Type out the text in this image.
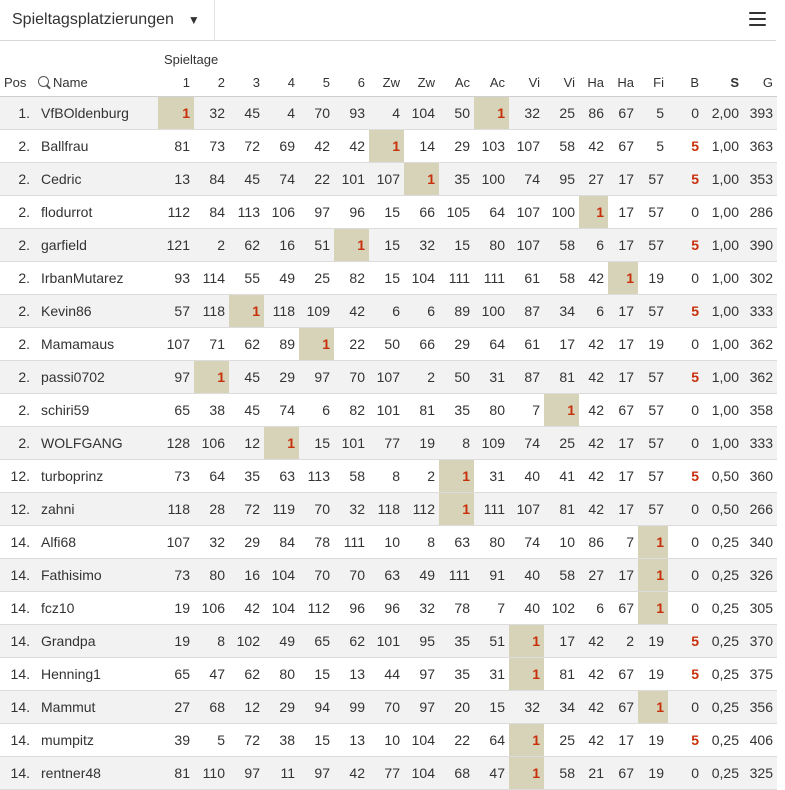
Spieltagsplatzierungen ▼
Spieltage
Pos	Name	1	2	3	4	5	6	Zw	Zw	Ac	Ac	Vi	Vi	Ha	Ha	Fi	B	S	G
1.	VfBOldenburg	1	32	45	4	70	93	4	104	50	1	32	25	86	67	5	0	2,00	393
2.	Ballfrau	81	73	72	69	42	42	1	14	29	103	107	58	42	67	5	5	1,00	363
2.	Cedric	13	84	45	74	22	101	107	1	35	100	74	95	27	17	57	5	1,00	353
2.	flodurrot	112	84	113	106	97	96	15	66	105	64	107	100	1	17	57	0	1,00	286
2.	garfield	121	2	62	16	51	1	15	32	15	80	107	58	6	17	57	5	1,00	390
2.	IrbanMutarez	93	114	55	49	25	82	15	104	111	111	61	58	42	1	19	0	1,00	302
2.	Kevin86	57	118	1	118	109	42	6	6	89	100	87	34	6	17	57	5	1,00	333
2.	Mamamaus	107	71	62	89	1	22	50	66	29	64	61	17	42	17	19	0	1,00	362
2.	passi0702	97	1	45	29	97	70	107	2	50	31	87	81	42	17	57	5	1,00	362
2.	schiri59	65	38	45	74	6	82	101	81	35	80	7	1	42	67	57	0	1,00	358
2.	WOLFGANG	128	106	12	1	15	101	77	19	8	109	74	25	42	17	57	0	1,00	333
12.	turboprinz	73	64	35	63	113	58	8	2	1	31	40	41	42	17	57	5	0,50	360
12.	zahni	118	28	72	119	70	32	118	112	1	111	107	81	42	17	57	0	0,50	266
14.	Alfi68	107	32	29	84	78	111	10	8	63	80	74	10	86	7	1	0	0,25	340
14.	Fathisimo	73	80	16	104	70	70	63	49	111	91	40	58	27	17	1	0	0,25	326
14.	fcz10	19	106	42	104	112	96	96	32	78	7	40	102	6	67	1	0	0,25	305
14.	Grandpa	19	8	102	49	65	62	101	95	35	51	1	17	42	2	19	5	0,25	370
14.	Henning1	65	47	62	80	15	13	44	97	35	31	1	81	42	67	19	5	0,25	375
14.	Mammut	27	68	12	29	94	99	70	97	20	15	32	34	42	67	1	0	0,25	356
14.	mumpitz	39	5	72	38	15	13	10	104	22	64	1	25	42	17	19	5	0,25	406
14.	rentner48	81	110	97	11	97	42	77	104	68	47	1	58	21	67	19	0	0,25	325
